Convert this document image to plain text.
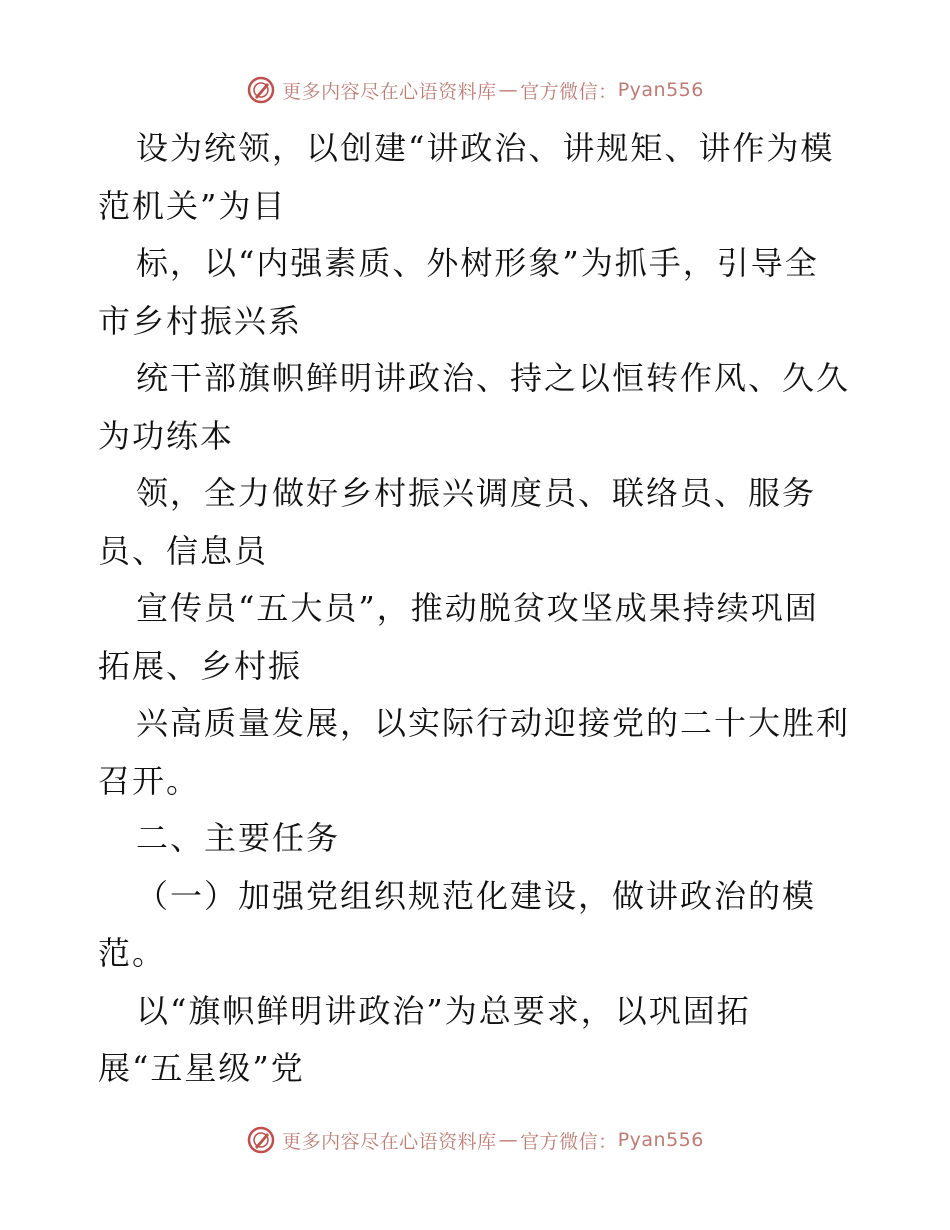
更多内容尽在心语资料库 — 官方微信： Pyan556

设为统领，以创建“讲政治、讲规矩、讲作为模
范机关”为目

标，以“内强素质、外树形象”为抓手，引导全
市乡村振兴系

统干部旗帜鲜明讲政治、持之以恒转作风、久久
为功练本

领，全力做好乡村振兴调度员、联络员、服务
员、信息员

宣传员“五大员”，推动脱贫攻坚成果持续巩固
拓展、乡村振

兴高质量发展，以实际行动迎接党的二十大胜利
召开。

二、主要任务

（一）加强党组织规范化建设，做讲政治的模
范。

以“旗帜鲜明讲政治”为总要求，以巩固拓
展“五星级”党

更多内容尽在心语资料库 — 官方微信： Pyan556
